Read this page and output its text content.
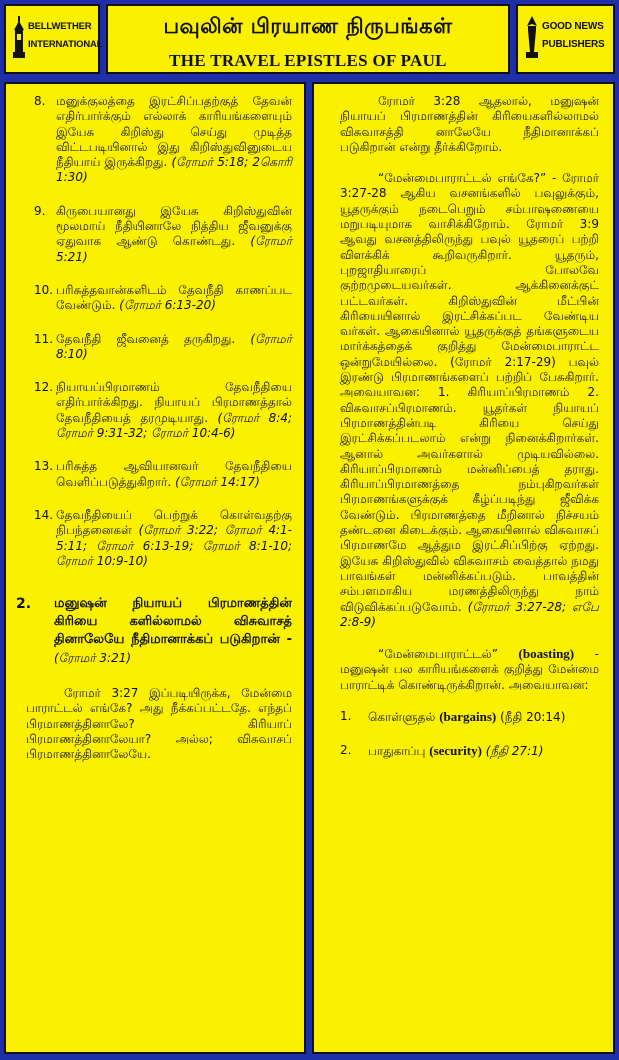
BELLWETHER
INTERNATIONAL
பவுலின் பிரயாண நிருபங்கள்
THE TRAVEL EPISTLES OF PAUL
GOOD NEWS
PUBLISHERS
8. மனுக்குலத்தை இரட்சிப்பதற்குத் தேவன் எதிர்பார்க்கும் எல்லாக் காரியங்களையும் இயேசு கிறிஸ்து செய்து முடித்த விட்டபடியினால் இது கிறிஸ்துவினுடைய நீதியாய் இருக்கிறது. (ரோமர் 5:18; 2கொரி 1:30)
9. கிருபையானது இயேசு கிறிஸ்துவின் மூலமாய் நீதியினாலே நித்திய ஜீவனுக்கு ஏதுவாக ஆண்டு கொண்டது. (ரோமர் 5:21)
10. பரிசுத்தவான்களிடம் தேவநீதி காணப்பட வேண்டும். (ரோமர் 6:13-20)
11. தேவநீதி ஜீவனைத் தருகிறது. (ரோமர் 8:10)
12. நியாயப்பிரமாணம் தேவநீதியை எதிர்பார்க்கிறது. நியாயப் பிரமாணத்தால் தேவநீதியைத் தரமுடியாது. (ரோமர் 8:4; ரோமர் 9:31-32; ரோமர் 10:4-6)
13. பரிசுத்த ஆவியானவர் தேவநீதியை வெளிப்படுத்துகிறார். (ரோமர் 14:17)
14. தேவநீதியைப் பெற்றுக் கொள்வதற்கு நிபந்தனைகள் (ரோமர் 3:22; ரோமர் 4:1-5:11; ரோமர் 6:13-19; ரோமர் 8:1-10; ரோமர் 10:9-10)
2. மனுஷன் நியாயப் பிரமாணத்தின் கிரியை களில்லாமல் விசுவாசத் தினாலேயே நீதிமானாக்கப் படுகிறான் - (ரோமர் 3:21)

ரோமர் 3:27 இப்படியிருக்க, மேன்மை பாராட்டல் எங்கே? அது நீக்கப்பட்டதே. எந்தப் பிரமாணத்தினாலே? கிரியாப் பிரமாணத்தினாலேயா? அல்ல; விசுவாசப் பிரமாணத்தினாலேயே.

ரோமர் 3:28 ஆதலால், மனுஷன் நியாயப் பிரமாணத்தின் கிரியைகளில்லாமல் விசுவாசத்தி னாலேயே நீதிமானாக்கப் படுகிறான் என்று தீர்க்கிறோம்.

“மேன்மைபாராட்டல் எங்கே?” - ரோமர் 3:27-28 ஆகிய வசனங்களில் பவுலுக்கும், யூதருக்கும் நடைபெறும் சம்பாஷணையை மறுபடியுமாக வாசிக்கிறோம். ரோமர் 3:9 ஆவது வசனத்திலிருந்து பவுல் யூதரைப் பற்றி விளக்கிக் கூறிவருகிறார். யூதரும், புறஜாதியாரைப் போலவே குற்றமுடையவர்கள். ஆக்கினைக்குட் பட்டவர்கள். கிறிஸ்துவின் மீட்பின் கிரியையினால் இரட்சிக்கப்பட வேண்டிய வர்கள். ஆகையினால் யூதருக்குத் தங்களுடைய மார்க்கத்தைக் குறித்து மேன்மைபாராட்ட ஒன்றுமேயில்லை. (ரோமர் 2:17-29) பவுல் இரண்டு பிரமாணங்களைப் பற்றிப் பேசுகிறார். அவையாவன: 1. கிரியாப்பிரமாணம் 2. விசுவாசப்பிரமாணம். யூதர்கள் நியாயப் பிரமாணத்தின்படி கிரியை செய்து இரட்சிக்கப்படலாம் என்று நினைக்கிறார்கள். ஆனால் அவர்களால் முடியவில்லை. கிரியாப்பிரமாணம் மன்னிப்பைத் தராது. கிரியாப்பிரமாணத்தை நம்புகிறவர்கள் பிரமாணங்களுக்குக் கீழ்ப்படிந்து ஜீவிக்க வேண்டும். பிரமாணத்தை மீறினால் நிச்சயம் தண்டனை கிடைக்கும். ஆகையினால் விசுவாசப் பிரமாணமே ஆத்தும இரட்சிப்பிற்கு ஏற்றது. இயேசு கிறிஸ்துவில் விசுவாசம் வைத்தால் நமது பாவங்கள் மன்னிக்கப்படும். பாவத்தின் சம்பளமாகிய மரணத்திலிருந்து நாம் விடுவிக்கப்படுவோம். (ரோமர் 3:27-28; எபே 2:8-9)

“மேன்மைபாராட்டல்” (boasting) - மனுஷன் பல காரியங்களைக் குறித்து மேன்மை பாராட்டிக் கொண்டிருக்கிறான். அவையாவன:

1. கொள்ளுதல் (bargains) (நீதி 20:14)
2. பாதுகாப்பு (security) (நீதி 27:1)
